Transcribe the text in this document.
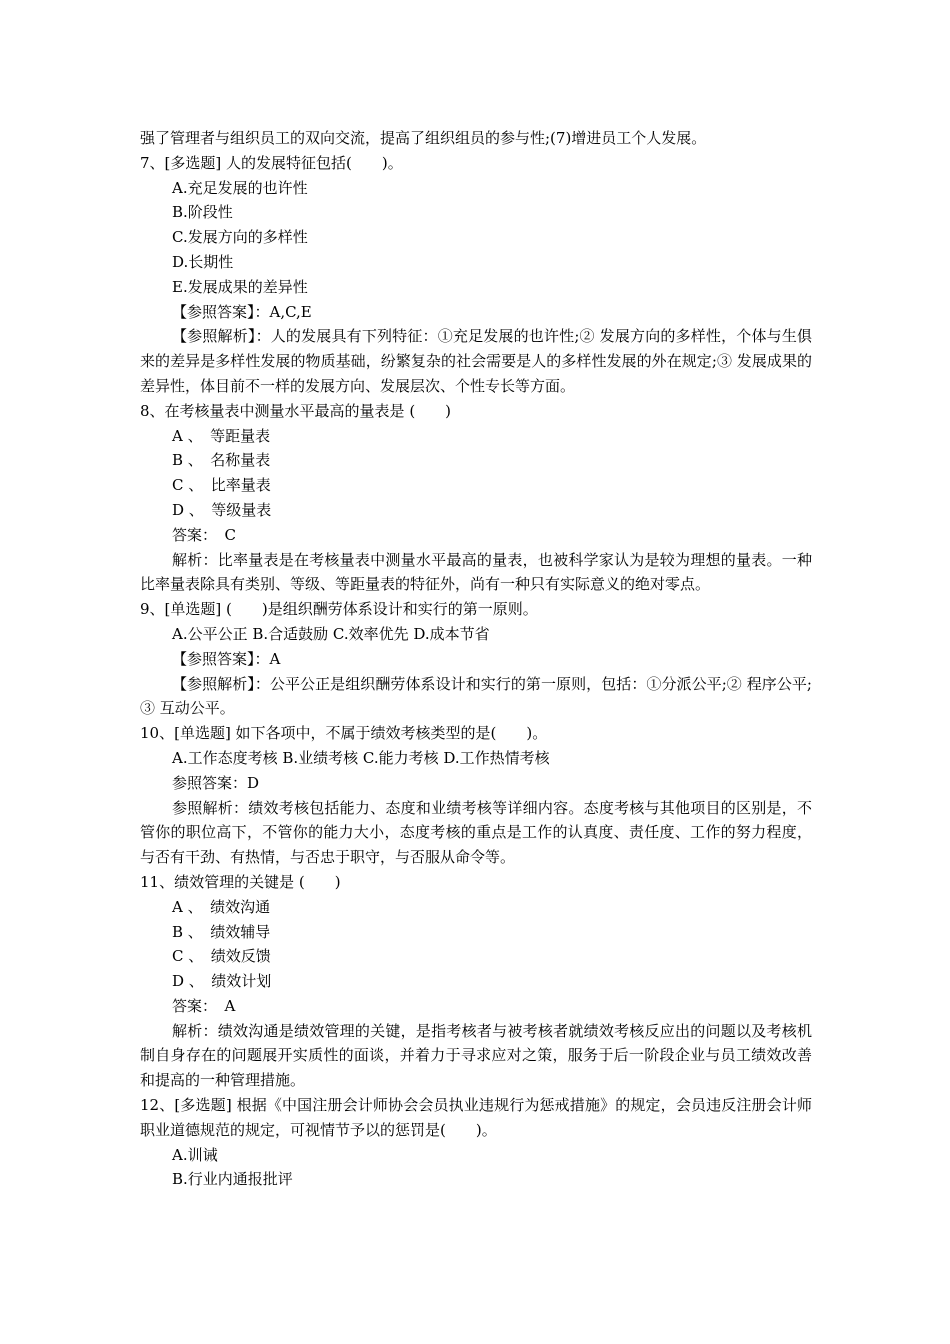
强了管理者与组织员工的双向交流，提高了组织组员的参与性;(7)增进员工个人发展。
7、[多选题] 人的发展特征包括(　　)。
A.充足发展的也许性
B.阶段性
C.发展方向的多样性
D.长期性
E.发展成果的差异性
【参照答案】：A,C,E
【参照解析】：人的发展具有下列特征：①充足发展的也许性;② 发展方向的多样性，个体与生俱来的差异是多样性发展的物质基础，纷繁复杂的社会需要是人的多样性发展的外在规定;③ 发展成果的差异性，体目前不一样的发展方向、发展层次、个性专长等方面。
8、在考核量表中测量水平最高的量表是 (　　)
A 、　等距量表
B 、　名称量表
C 、　比率量表
D 、　等级量表
答案：　C
解析：比率量表是在考核量表中测量水平最高的量表，也被科学家认为是较为理想的量表。一种比率量表除具有类别、等级、等距量表的特征外，尚有一种只有实际意义的绝对零点。
9、[单选题] (　　)是组织酬劳体系设计和实行的第一原则。
A.公平公正 B.合适鼓励 C.效率优先 D.成本节省
【参照答案】：A
【参照解析】：公平公正是组织酬劳体系设计和实行的第一原则，包括：①分派公平;② 程序公平;③ 互动公平。
10、[单选题] 如下各项中，不属于绩效考核类型的是(　　)。
A.工作态度考核 B.业绩考核 C.能力考核 D.工作热情考核
参照答案：D
参照解析：绩效考核包括能力、态度和业绩考核等详细内容。态度考核与其他项目的区别是，不管你的职位高下，不管你的能力大小，态度考核的重点是工作的认真度、责任度、工作的努力程度，与否有干劲、有热情，与否忠于职守，与否服从命令等。
11、绩效管理的关键是 (　　)
A 、　绩效沟通
B 、　绩效辅导
C 、　绩效反馈
D 、　绩效计划
答案：　A
解析：绩效沟通是绩效管理的关键，是指考核者与被考核者就绩效考核反应出的问题以及考核机制自身存在的问题展开实质性的面谈，并着力于寻求应对之策，服务于后一阶段企业与员工绩效改善和提高的一种管理措施。
12、[多选题] 根据《中国注册会计师协会会员执业违规行为惩戒措施》的规定，会员违反注册会计师职业道德规范的规定，可视情节予以的惩罚是(　　)。
A.训诫
B.行业内通报批评
